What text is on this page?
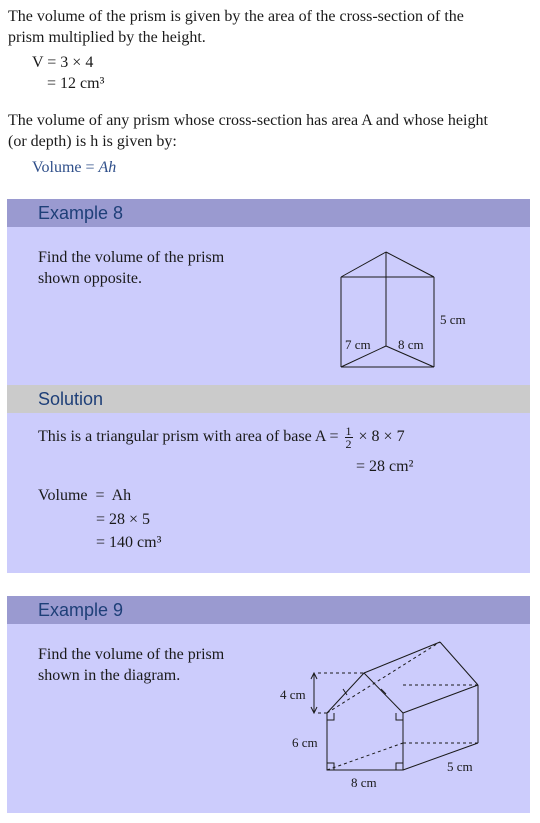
The volume of the prism is given by the area of the cross-section of the
prism multiplied by the height.
V = 3 × 4
= 12 cm³
The volume of any prism whose cross-section has area A and whose height
(or depth) is h is given by:
Volume = Ah
Example 8
Find the volume of the prism
shown opposite.
5 cm
7 cm 8 cm
Solution
This is a triangular prism with area of base $A = \frac{1}{2} \times 8 \times 7$
= 28 cm²
Volume  =  Ah
= 28 × 5
= 140 cm³
Example 9
Find the volume of the prism
shown in the diagram.
4 cm
6 cm
8 cm
5 cm
